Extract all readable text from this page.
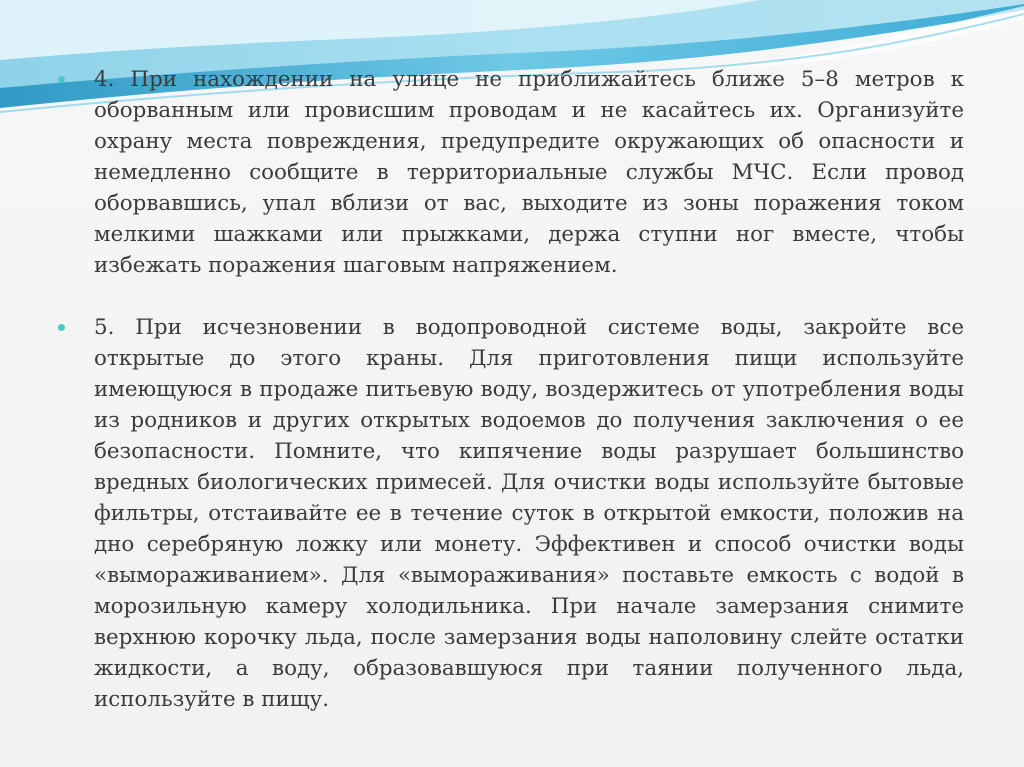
4. При нахождении на улице не приближайтесь ближе 5–8 метров к оборванным или провисшим проводам и не касайтесь их. Организуйте охрану места повреждения, предупредите окружающих об опасности и немедленно сообщите в территориальные службы МЧС. Если провод оборвавшись, упал вблизи от вас, выходите из зоны поражения током мелкими шажками или прыжками, держа ступни ног вместе, чтобы избежать поражения шаговым напряжением.

5. При исчезновении в водопроводной системе воды, закройте все открытые до этого краны. Для приготовления пищи используйте имеющуюся в продаже питьевую воду, воздержитесь от употребления воды из родников и других открытых водоемов до получения заключения о ее безопасности. Помните, что кипячение воды разрушает большинство вредных биологических примесей. Для очистки воды используйте бытовые фильтры, отстаивайте ее в течение суток в открытой емкости, положив на дно серебряную ложку или монету. Эффективен и способ очистки воды «вымораживанием». Для «вымораживания» поставьте емкость с водой в морозильную камеру холодильника. При начале замерзания снимите верхнюю корочку льда, после замерзания воды наполовину слейте остатки жидкости, а воду, образовавшуюся при таянии полученного льда, используйте в пищу.
